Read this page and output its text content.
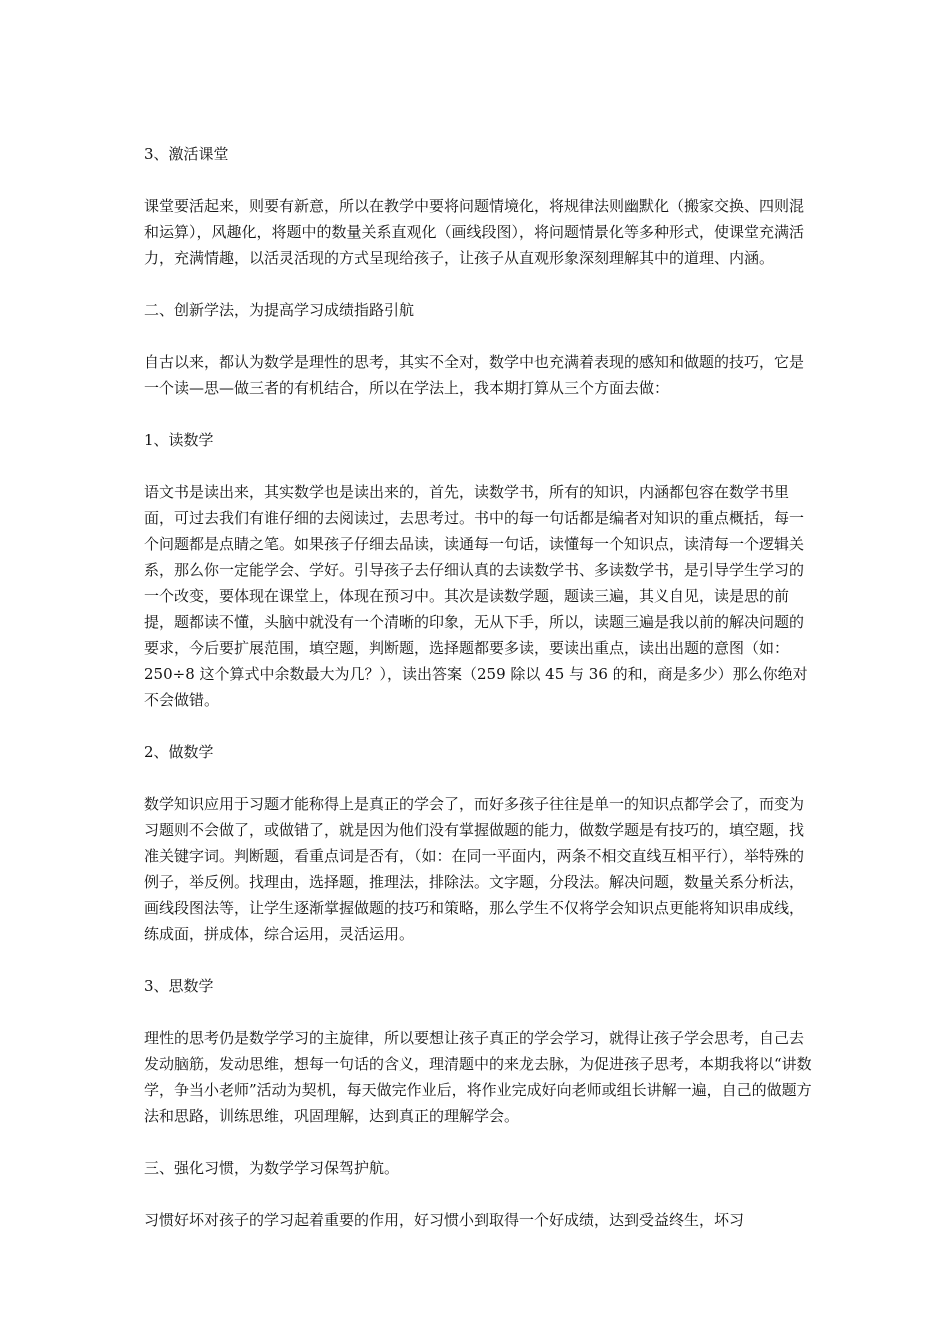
3、激活课堂

课堂要活起来，则要有新意，所以在教学中要将问题情境化，将规律法则幽默化（搬家交换、四则混和运算），风趣化，将题中的数量关系直观化（画线段图），将问题情景化等多种形式，使课堂充满活力，充满情趣，以活灵活现的方式呈现给孩子，让孩子从直观形象深刻理解其中的道理、内涵。

二、创新学法，为提高学习成绩指路引航

自古以来，都认为数学是理性的思考，其实不全对，数学中也充满着表现的感知和做题的技巧，它是一个读—思—做三者的有机结合，所以在学法上，我本期打算从三个方面去做：

1、读数学

语文书是读出来，其实数学也是读出来的，首先，读数学书，所有的知识，内涵都包容在数学书里面，可过去我们有谁仔细的去阅读过，去思考过。书中的每一句话都是编者对知识的重点概括，每一个问题都是点睛之笔。如果孩子仔细去品读，读通每一句话，读懂每一个知识点，读清每一个逻辑关系，那么你一定能学会、学好。引导孩子去仔细认真的去读数学书、多读数学书，是引导学生学习的一个改变，要体现在课堂上，体现在预习中。其次是读数学题，题读三遍，其义自见，读是思的前提，题都读不懂，头脑中就没有一个清晰的印象，无从下手，所以，读题三遍是我以前的解决问题的要求，今后要扩展范围，填空题，判断题，选择题都要多读，要读出重点，读出出题的意图（如：250÷8 这个算式中余数最大为几？），读出答案（259 除以 45 与 36 的和，商是多少）那么你绝对不会做错。

2、做数学

数学知识应用于习题才能称得上是真正的学会了，而好多孩子往往是单一的知识点都学会了，而变为习题则不会做了，或做错了，就是因为他们没有掌握做题的能力，做数学题是有技巧的，填空题，找准关键字词。判断题，看重点词是否有，（如：在同一平面内，两条不相交直线互相平行），举特殊的例子，举反例。找理由，选择题，推理法，排除法。文字题，分段法。解决问题，数量关系分析法，画线段图法等，让学生逐渐掌握做题的技巧和策略，那么学生不仅将学会知识点更能将知识串成线，练成面，拼成体，综合运用，灵活运用。

3、思数学

理性的思考仍是数学学习的主旋律，所以要想让孩子真正的学会学习，就得让孩子学会思考，自己去发动脑筋，发动思维，想每一句话的含义，理清题中的来龙去脉，为促进孩子思考，本期我将以“讲数学，争当小老师”活动为契机，每天做完作业后，将作业完成好向老师或组长讲解一遍，自己的做题方法和思路，训练思维，巩固理解，达到真正的理解学会。

三、强化习惯，为数学学习保驾护航。

习惯好坏对孩子的学习起着重要的作用，好习惯小到取得一个好成绩，达到受益终生，坏习
